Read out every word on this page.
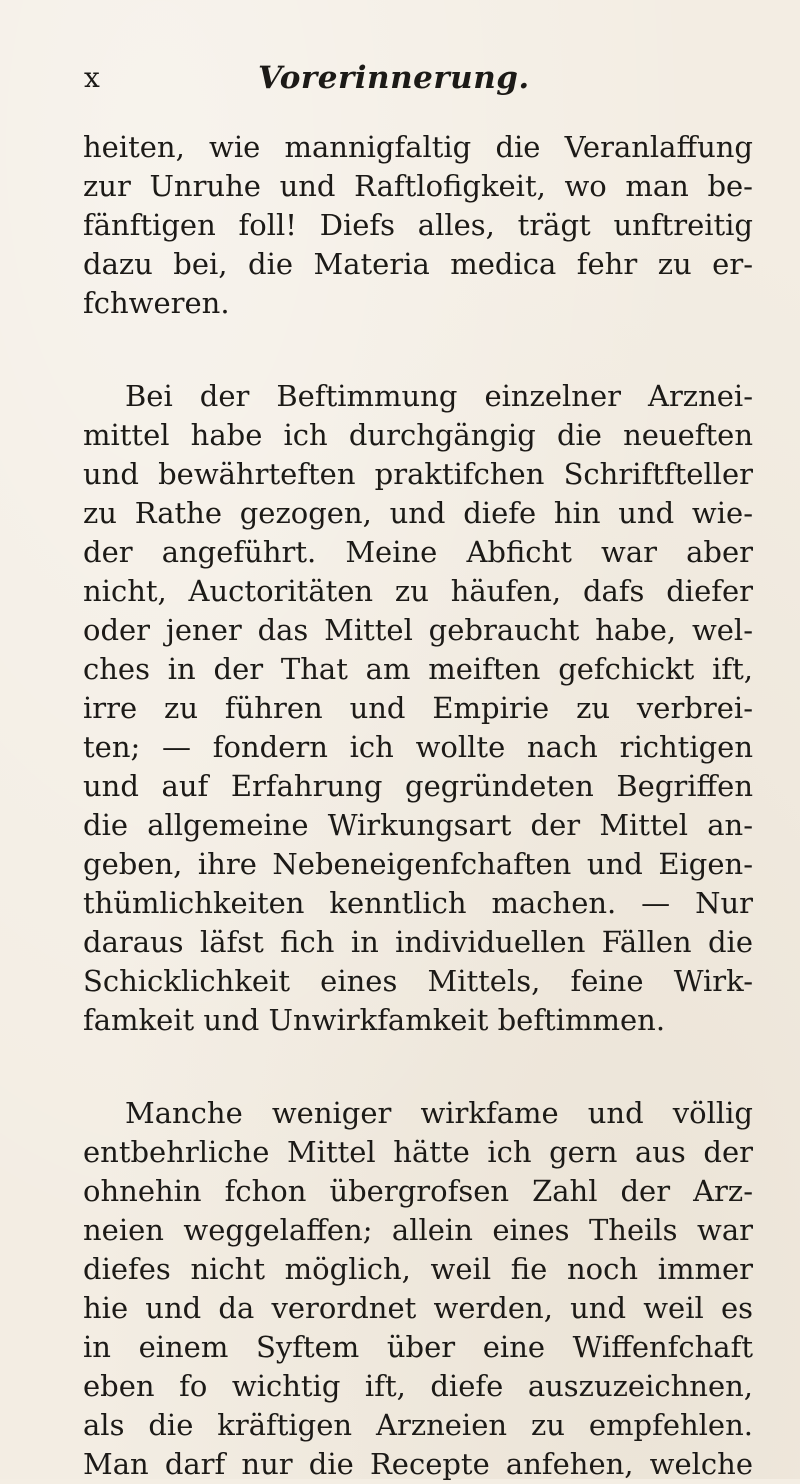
x	Vorerinnerung.
heiten, wie mannigfaltig die Veranlaffung
zur Unruhe und Raftlofigkeit, wo man be-
fänftigen foll! Diefs alles, trägt unftreitig
dazu bei, die Materia medica fehr zu er-
fchweren.
Bei der Beftimmung einzelner Arznei-
mittel habe ich durchgängig die neueften
und bewährteften praktifchen Schriftfteller
zu Rathe gezogen, und diefe hin und wie-
der angeführt. Meine Abficht war aber
nicht, Auctoritäten zu häufen, dafs diefer
oder jener das Mittel gebraucht habe, wel-
ches in der That am meiften gefchickt ift,
irre zu führen und Empirie zu verbrei-
ten; — fondern ich wollte nach richtigen
und auf Erfahrung gegründeten Begriffen
die allgemeine Wirkungsart der Mittel an-
geben, ihre Nebeneigenfchaften und Eigen-
thümlichkeiten kenntlich machen. — Nur
daraus läfst fich in individuellen Fällen die
Schicklichkeit eines Mittels, feine Wirk-
famkeit und Unwirkfamkeit beftimmen.
Manche weniger wirkfame und völlig
entbehrliche Mittel hätte ich gern aus der
ohnehin fchon übergrofsen Zahl der Arz-
neien weggelaffen; allein eines Theils war
diefes nicht möglich, weil fie noch immer
hie und da verordnet werden, und weil es
in einem Syftem über eine Wiffenfchaft
eben fo wichtig ift, diefe auszuzeichnen,
als die kräftigen Arzneien zu empfehlen.
Man darf nur die Recepte anfehen, welche
